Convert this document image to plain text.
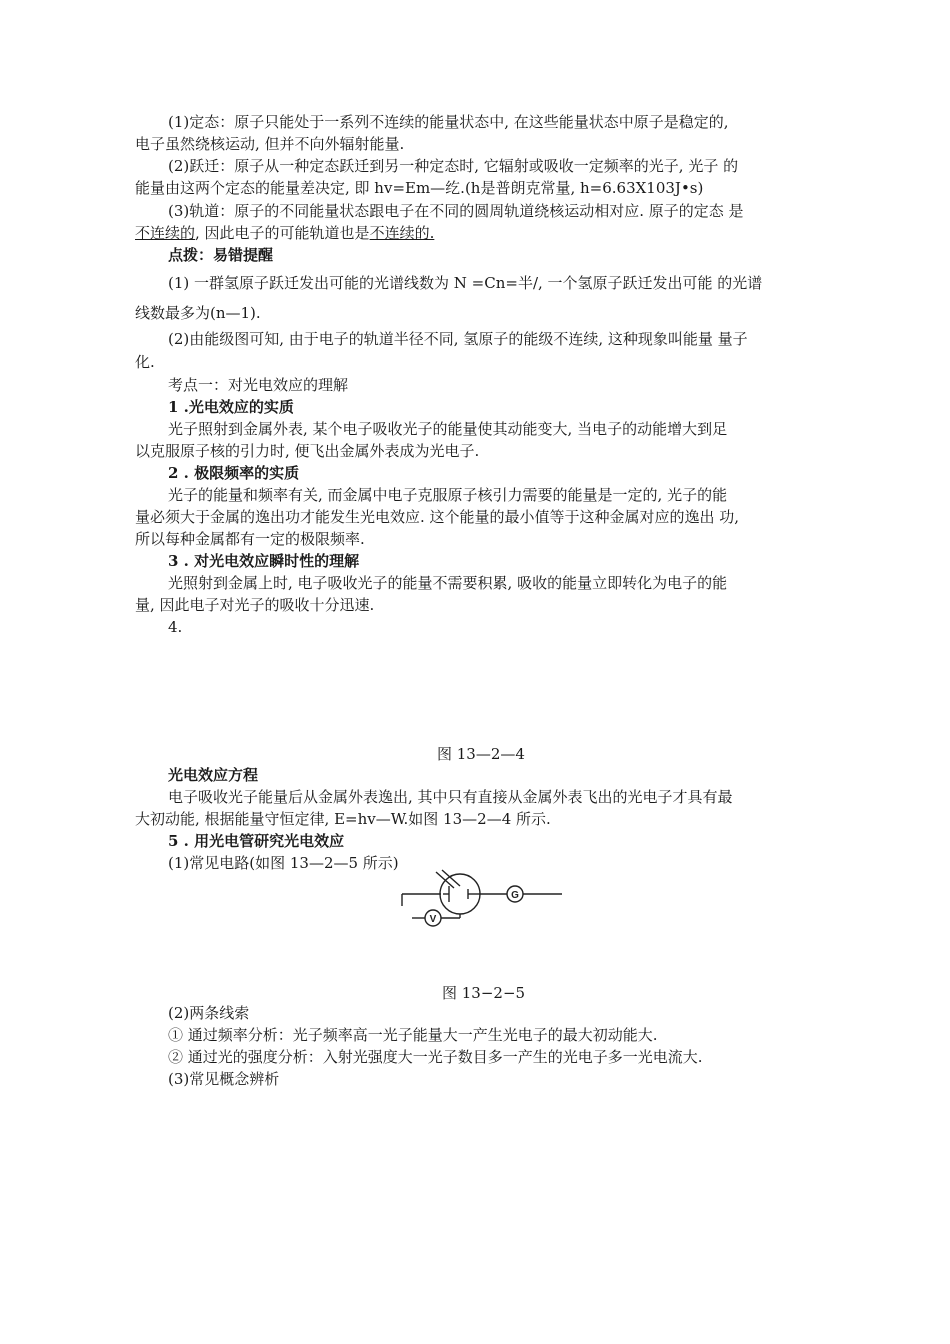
(1)定态：原子只能处于一系列不连续的能量状态中, 在这些能量状态中原子是稳定的,
电子虽然绕核运动, 但并不向外辐射能量.
(2)跃迁：原子从一种定态跃迁到另一种定态时, 它辐射或吸收一定频率的光子, 光子 的
能量由这两个定态的能量差决定, 即 hv=Em—纥.(h是普朗克常量, h=6.63X103J•s)
(3)轨道：原子的不同能量状态跟电子在不同的圆周轨道绕核运动相对应. 原子的定态 是
不连续的, 因此电子的可能轨道也是不连续的.
点拨：易错提醒
(1) 一群氢原子跃迁发出可能的光谱线数为 N =Cn=半/, 一个氢原子跃迁发出可能 的光谱
线数最多为(n—1).
(2)由能级图可知, 由于电子的轨道半径不同, 氢原子的能级不连续, 这种现象叫能量 量子
化.
考点一：对光电效应的理解
1 .光电效应的实质
光子照射到金属外表, 某个电子吸收光子的能量使其动能变大, 当电子的动能增大到足
以克服原子核的引力时, 便飞出金属外表成为光电子.
2 . 极限频率的实质
光子的能量和频率有关, 而金属中电子克服原子核引力需要的能量是一定的, 光子的能
量必须大于金属的逸出功才能发生光电效应. 这个能量的最小值等于这种金属对应的逸出 功,
所以每种金属都有一定的极限频率.
3 . 对光电效应瞬时性的理解
光照射到金属上时, 电子吸收光子的能量不需要积累, 吸收的能量立即转化为电子的能
量, 因此电子对光子的吸收十分迅速.
4.
图 13—2—4
光电效应方程
电子吸收光子能量后从金属外表逸出, 其中只有直接从金属外表飞出的光电子才具有最
大初动能, 根据能量守恒定律, E=hv—W.如图 13—2—4 所示.
5 . 用光电管研究光电效应
(1)常见电路(如图 13—2—5 所示)
G
V
图 13−2−5
(2)两条线索
① 通过频率分析：光子频率高一光子能量大一产生光电子的最大初动能大.
② 通过光的强度分析：入射光强度大一光子数目多一产生的光电子多一光电流大.
(3)常见概念辨析
